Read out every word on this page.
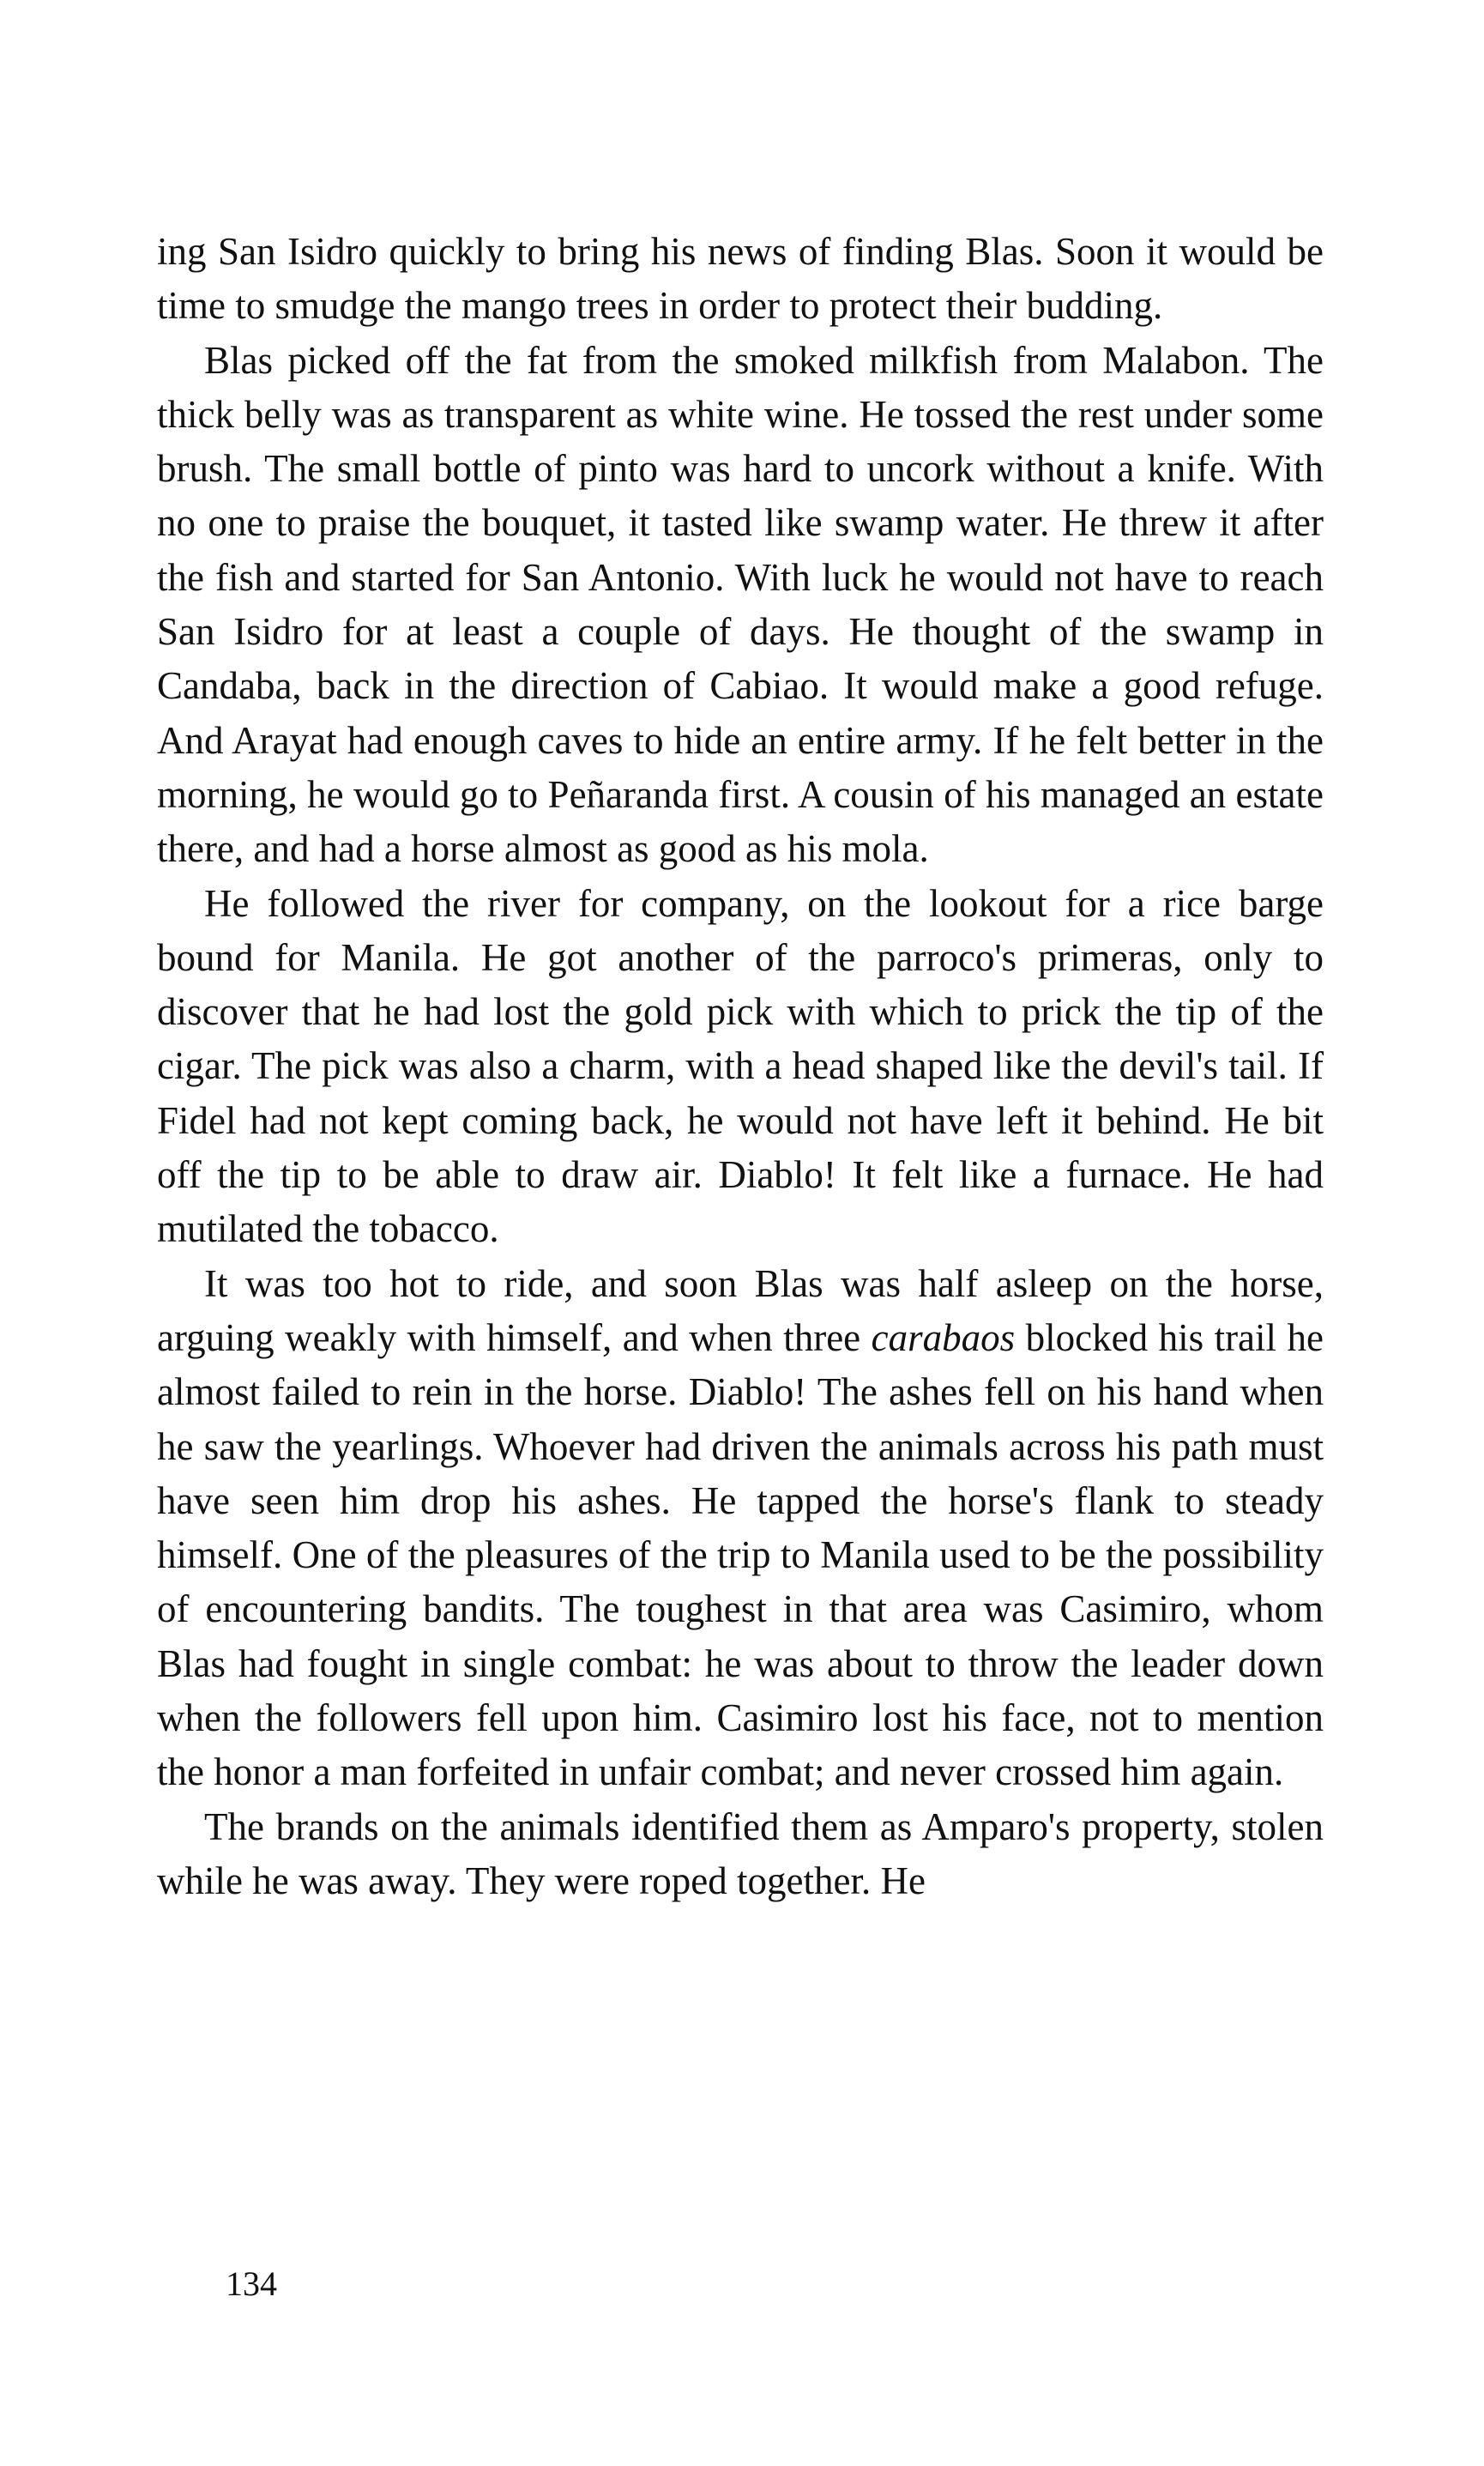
ing San Isidro quickly to bring his news of finding Blas. Soon it would be time to smudge the mango trees in order to protect their budding.

Blas picked off the fat from the smoked milkfish from Malabon. The thick belly was as transparent as white wine. He tossed the rest under some brush. The small bottle of pinto was hard to uncork without a knife. With no one to praise the bouquet, it tasted like swamp water. He threw it after the fish and started for San Antonio. With luck he would not have to reach San Isidro for at least a couple of days. He thought of the swamp in Candaba, back in the direction of Cabiao. It would make a good refuge. And Arayat had enough caves to hide an entire army. If he felt better in the morning, he would go to Peñaranda first. A cousin of his managed an estate there, and had a horse almost as good as his mola.

He followed the river for company, on the lookout for a rice barge bound for Manila. He got another of the parroco's primeras, only to discover that he had lost the gold pick with which to prick the tip of the cigar. The pick was also a charm, with a head shaped like the devil's tail. If Fidel had not kept coming back, he would not have left it behind. He bit off the tip to be able to draw air. Diablo! It felt like a furnace. He had mutilated the tobacco.

It was too hot to ride, and soon Blas was half asleep on the horse, arguing weakly with himself, and when three carabaos blocked his trail he almost failed to rein in the horse. Diablo! The ashes fell on his hand when he saw the yearlings. Whoever had driven the animals across his path must have seen him drop his ashes. He tapped the horse's flank to steady himself. One of the pleasures of the trip to Manila used to be the possibility of encountering bandits. The toughest in that area was Casimiro, whom Blas had fought in single combat: he was about to throw the leader down when the followers fell upon him. Casimiro lost his face, not to mention the honor a man forfeited in unfair combat; and never crossed him again.

The brands on the animals identified them as Amparo's property, stolen while he was away. They were roped together. He

134
